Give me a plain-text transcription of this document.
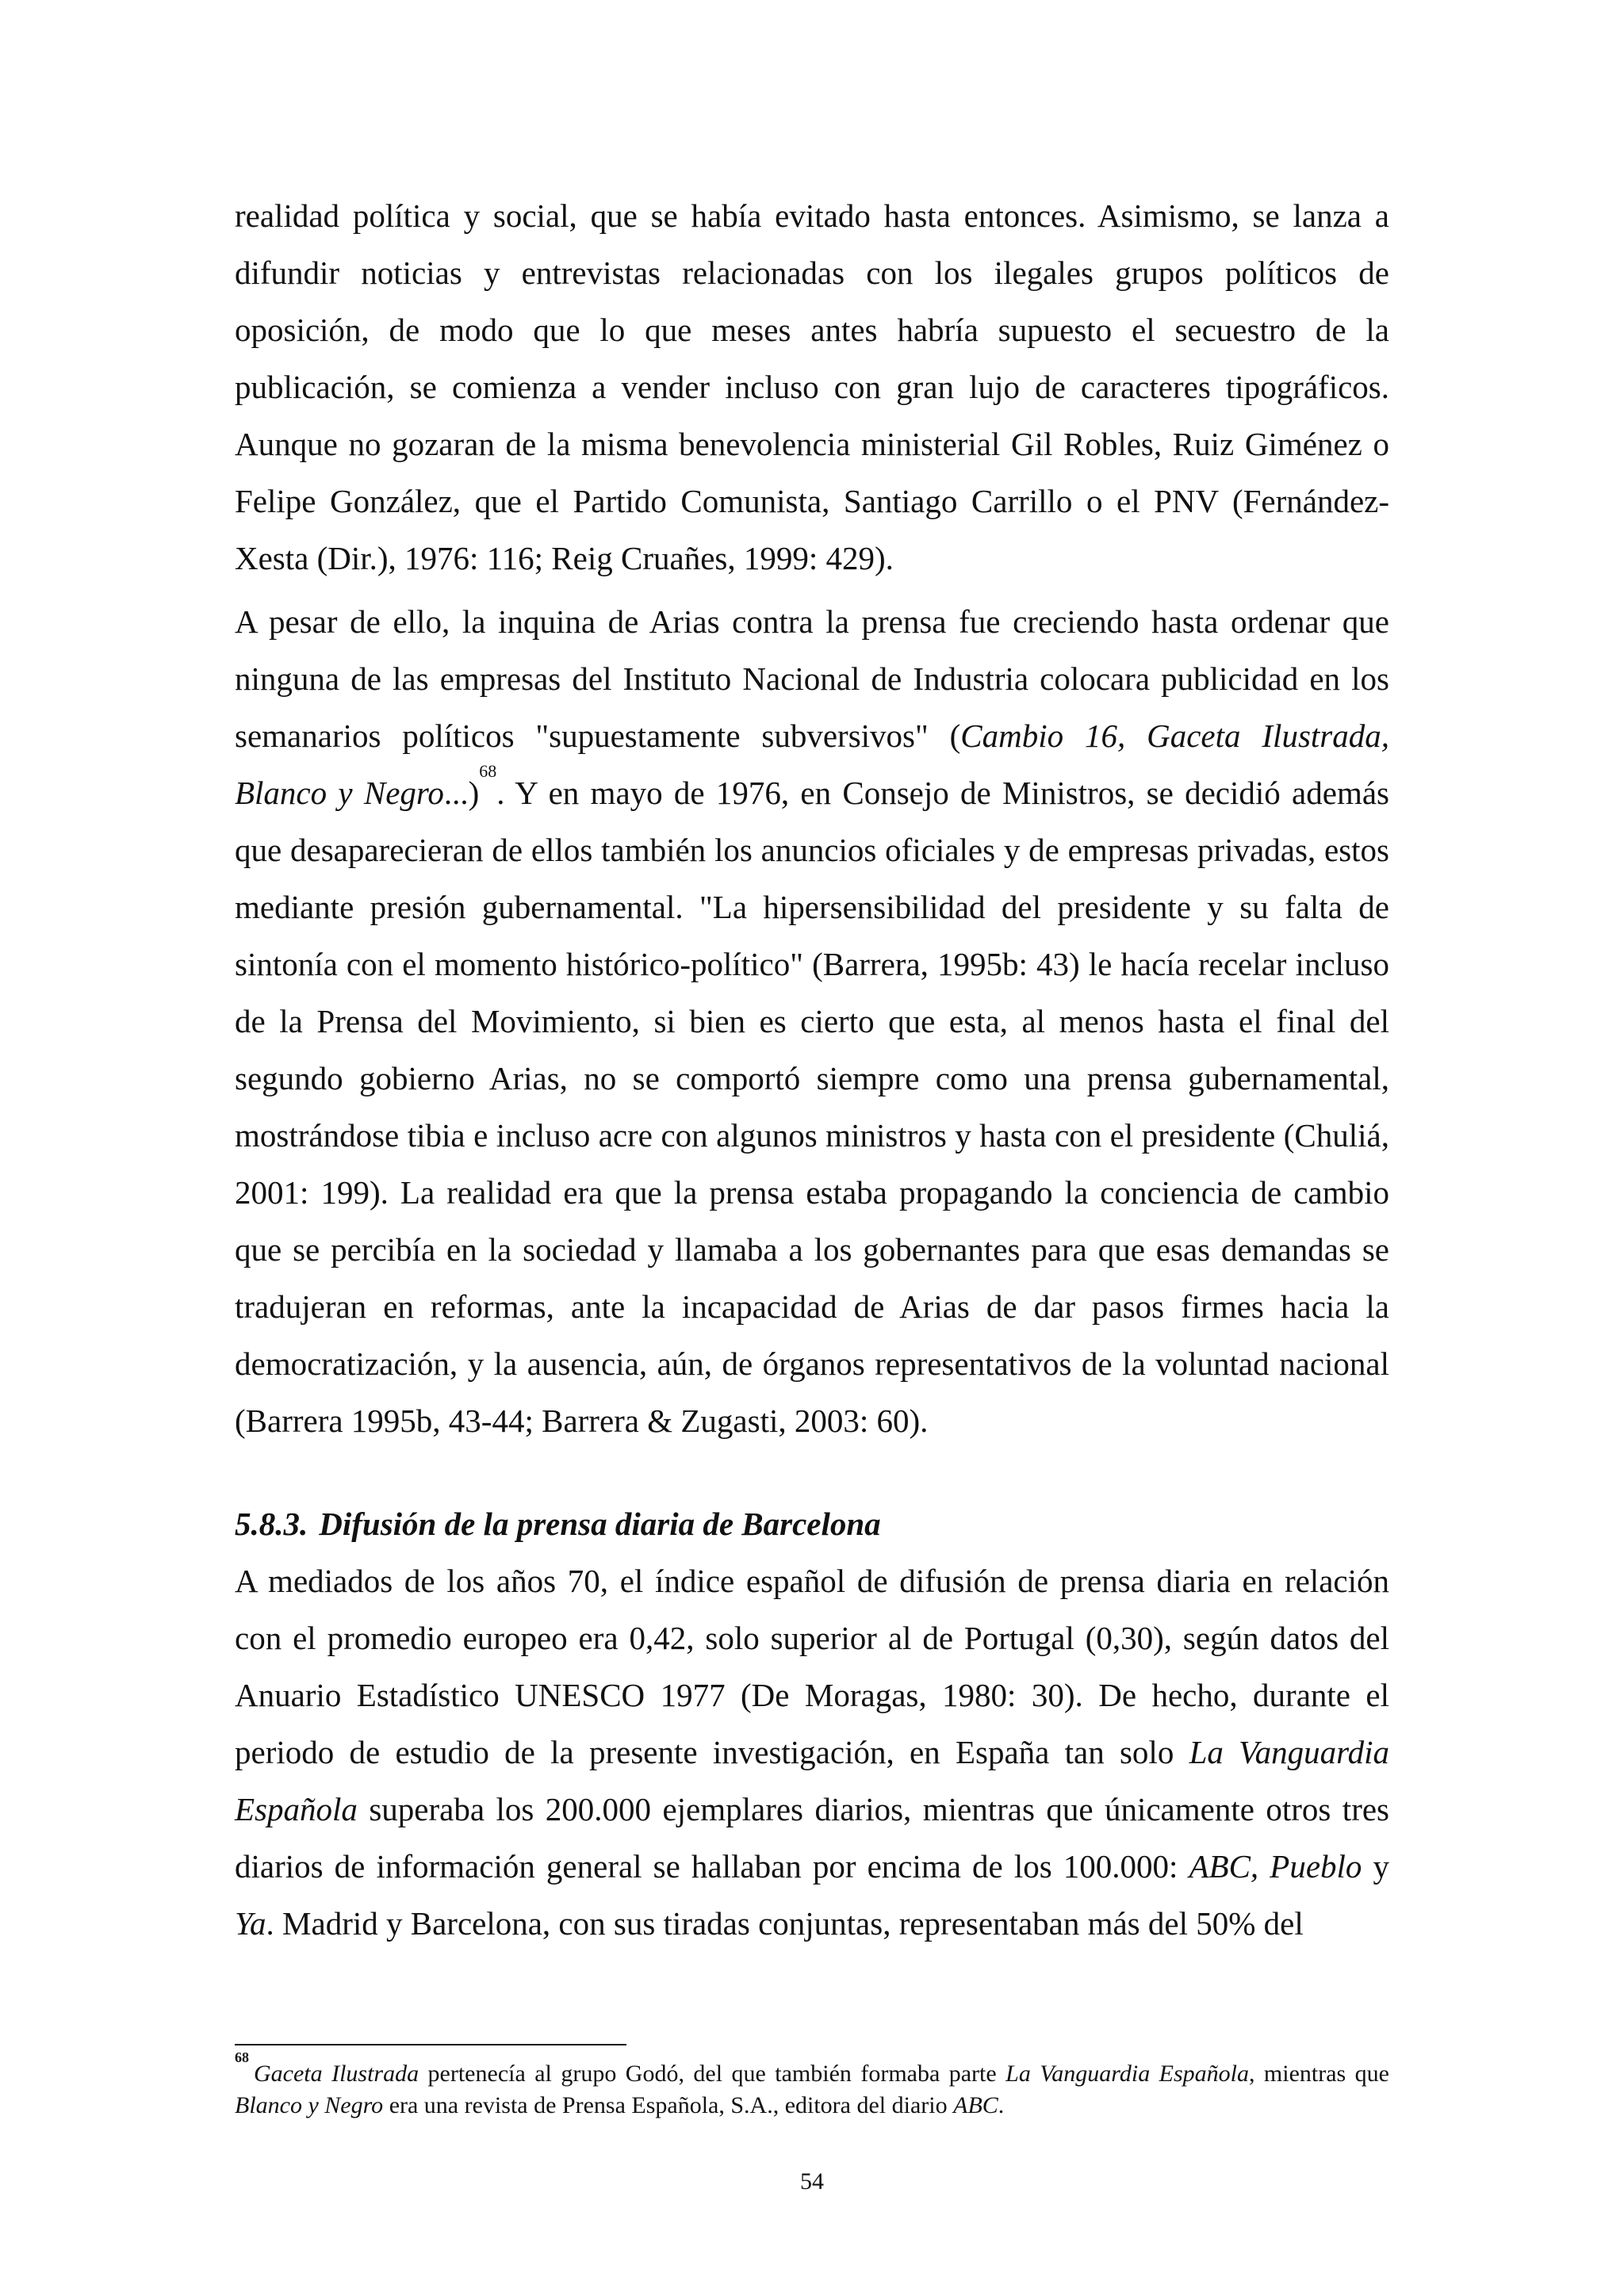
realidad política y social, que se había evitado hasta entonces. Asimismo, se lanza a difundir noticias y entrevistas relacionadas con los ilegales grupos políticos de oposición, de modo que lo que meses antes habría supuesto el secuestro de la publicación, se comienza a vender incluso con gran lujo de caracteres tipográficos. Aunque no gozaran de la misma benevolencia ministerial Gil Robles, Ruiz Giménez o Felipe González, que el Partido Comunista, Santiago Carrillo o el PNV (Fernández-Xesta (Dir.), 1976: 116; Reig Cruañes, 1999: 429).

A pesar de ello, la inquina de Arias contra la prensa fue creciendo hasta ordenar que ninguna de las empresas del Instituto Nacional de Industria colocara publicidad en los semanarios políticos "supuestamente subversivos" (Cambio 16, Gaceta Ilustrada, Blanco y Negro...)$^{68}$. Y en mayo de 1976, en Consejo de Ministros, se decidió además que desaparecieran de ellos también los anuncios oficiales y de empresas privadas, estos mediante presión gubernamental. "La hipersensibilidad del presidente y su falta de sintonía con el momento histórico-político" (Barrera, 1995b: 43) le hacía recelar incluso de la Prensa del Movimiento, si bien es cierto que esta, al menos hasta el final del segundo gobierno Arias, no se comportó siempre como una prensa gubernamental, mostrándose tibia e incluso acre con algunos ministros y hasta con el presidente (Chuliá, 2001: 199). La realidad era que la prensa estaba propagando la conciencia de cambio que se percibía en la sociedad y llamaba a los gobernantes para que esas demandas se tradujeran en reformas, ante la incapacidad de Arias de dar pasos firmes hacia la democratización, y la ausencia, aún, de órganos representativos de la voluntad nacional (Barrera 1995b, 43-44; Barrera & Zugasti, 2003: 60).

5.8.3. Difusión de la prensa diaria de Barcelona

A mediados de los años 70, el índice español de difusión de prensa diaria en relación con el promedio europeo era 0,42, solo superior al de Portugal (0,30), según datos del Anuario Estadístico UNESCO 1977 (De Moragas, 1980: 30). De hecho, durante el periodo de estudio de la presente investigación, en España tan solo La Vanguardia Española superaba los 200.000 ejemplares diarios, mientras que únicamente otros tres diarios de información general se hallaban por encima de los 100.000: ABC, Pueblo y Ya. Madrid y Barcelona, con sus tiradas conjuntas, representaban más del 50% del

$^{68}$Gaceta Ilustrada pertenecía al grupo Godó, del que también formaba parte La Vanguardia Española, mientras que Blanco y Negro era una revista de Prensa Española, S.A., editora del diario ABC.

54
